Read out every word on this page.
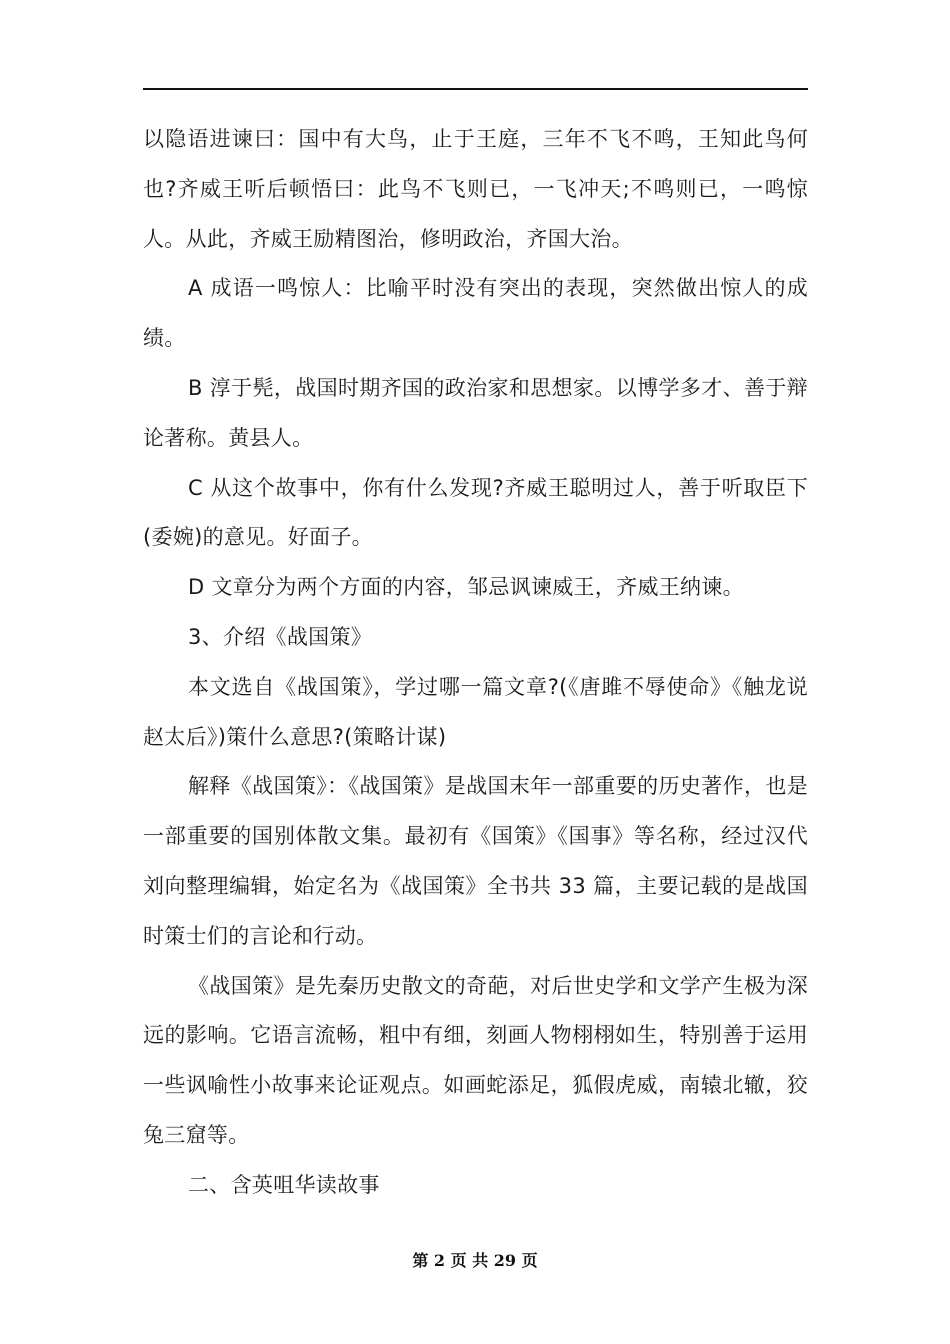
以隐语进谏曰：国中有大鸟，止于王庭，三年不飞不鸣，王知此鸟何也?齐威王听后顿悟曰：此鸟不飞则已，一飞冲天;不鸣则已，一鸣惊人。从此，齐威王励精图治，修明政治，齐国大治。

A 成语一鸣惊人：比喻平时没有突出的表现，突然做出惊人的成绩。

B 淳于髡，战国时期齐国的政治家和思想家。以博学多才、善于辩论著称。黄县人。

C 从这个故事中，你有什么发现?齐威王聪明过人，善于听取臣下(委婉)的意见。好面子。

D 文章分为两个方面的内容，邹忌讽谏威王，齐威王纳谏。

3、介绍《战国策》

本文选自《战国策》，学过哪一篇文章?(《唐雎不辱使命》《触龙说赵太后》)策什么意思?(策略计谋)

解释《战国策》：《战国策》是战国末年一部重要的历史著作，也是一部重要的国别体散文集。最初有《国策》《国事》等名称，经过汉代刘向整理编辑，始定名为《战国策》全书共 33 篇，主要记载的是战国时策士们的言论和行动。

《战国策》是先秦历史散文的奇葩，对后世史学和文学产生极为深远的影响。它语言流畅，粗中有细，刻画人物栩栩如生，特别善于运用一些讽喻性小故事来论证观点。如画蛇添足，狐假虎威，南辕北辙，狡兔三窟等。

二、含英咀华读故事

第 2 页 共 29 页
